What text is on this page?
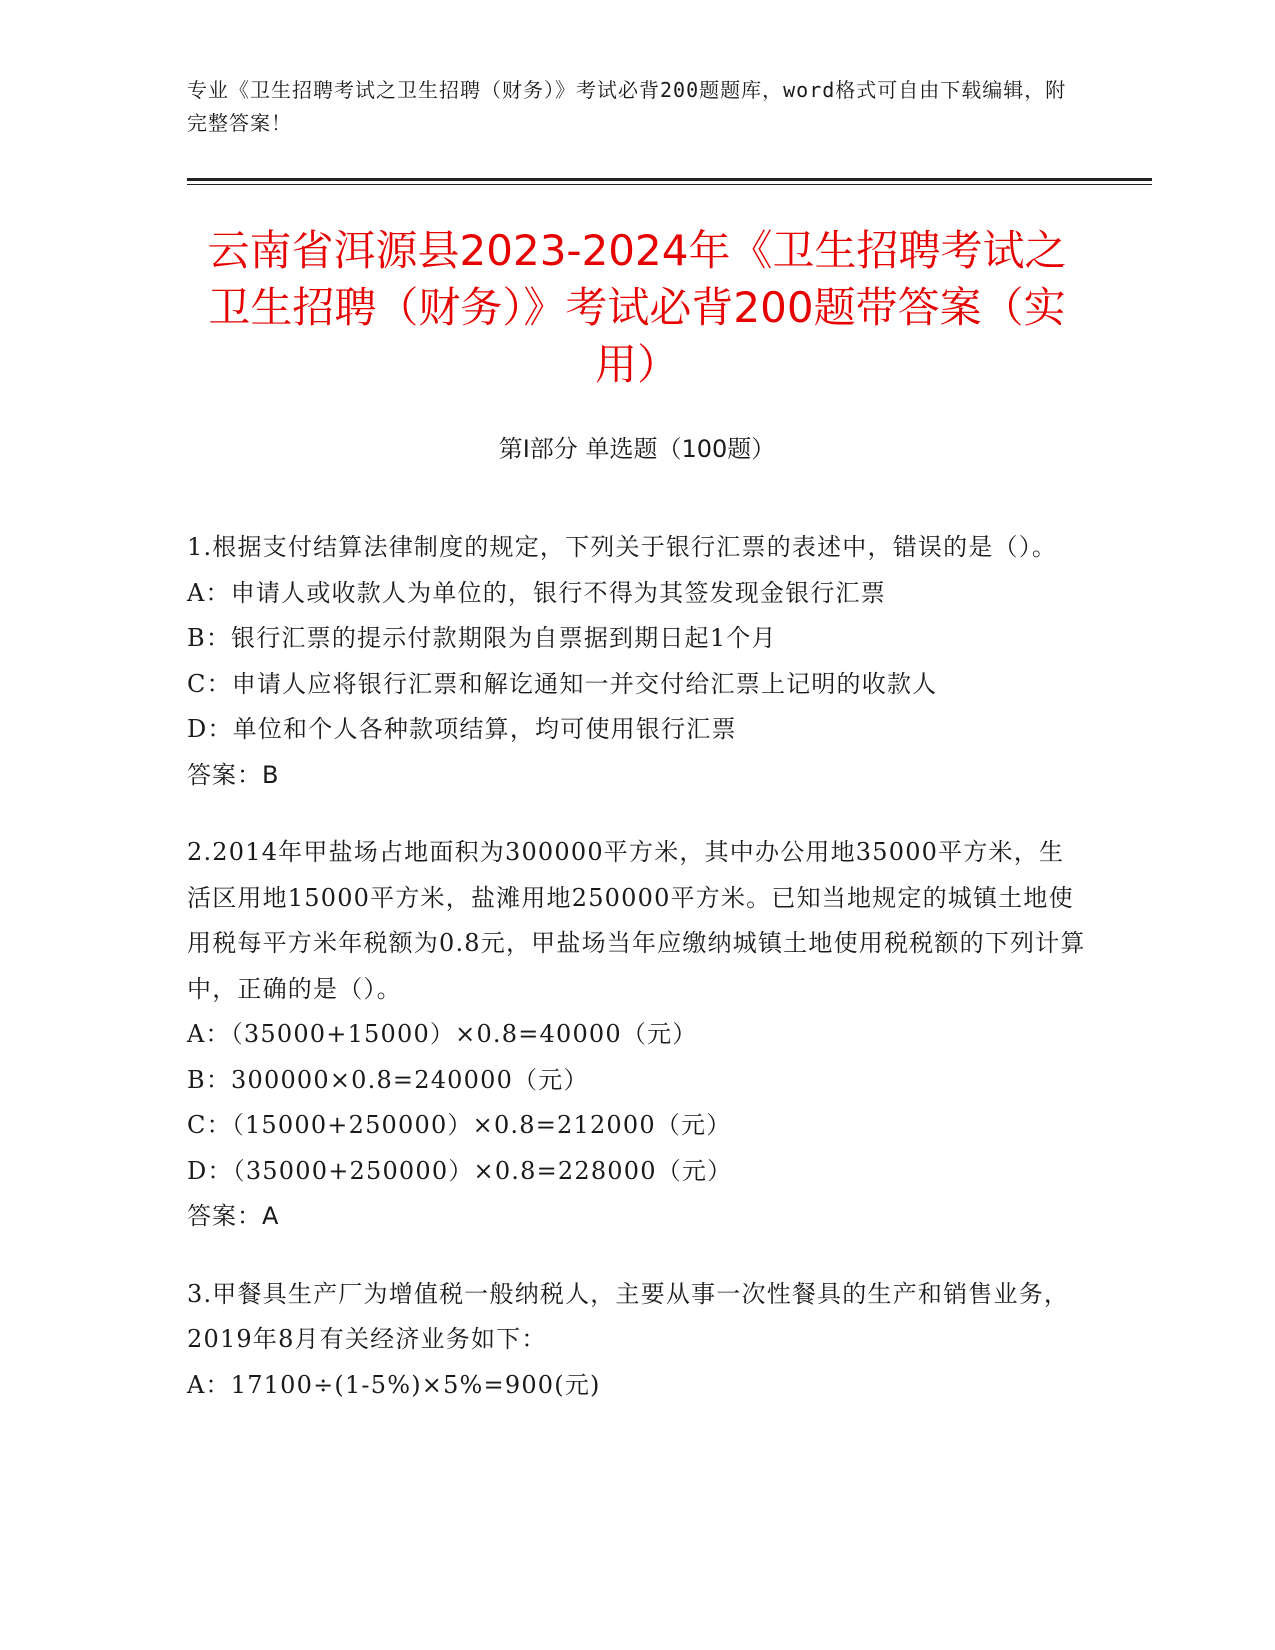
专业《卫生招聘考试之卫生招聘（财务）》考试必背200题题库，word格式可自由下载编辑，附完整答案！
云南省洱源县2023-2024年《卫生招聘考试之卫生招聘（财务）》考试必背200题带答案（实用）
第Ⅰ部分 单选题（100题）
1.根据支付结算法律制度的规定，下列关于银行汇票的表述中，错误的是（）。
A：申请人或收款人为单位的，银行不得为其签发现金银行汇票
B：银行汇票的提示付款期限为自票据到期日起1个月
C：申请人应将银行汇票和解讫通知一并交付给汇票上记明的收款人
D：单位和个人各种款项结算，均可使用银行汇票
答案：B
2.2014年甲盐场占地面积为300000平方米，其中办公用地35000平方米，生活区用地15000平方米，盐滩用地250000平方米。已知当地规定的城镇土地使用税每平方米年税额为0.8元，甲盐场当年应缴纳城镇土地使用税税额的下列计算中，正确的是（）。
A：（35000+15000）×0.8=40000（元）
B：300000×0.8=240000（元）
C：（15000+250000）×0.8=212000（元）
D：（35000+250000）×0.8=228000（元）
答案：A
3.甲餐具生产厂为增值税一般纳税人，主要从事一次性餐具的生产和销售业务，2019年8月有关经济业务如下：
A：17100÷(1-5%)×5%=900(元)
